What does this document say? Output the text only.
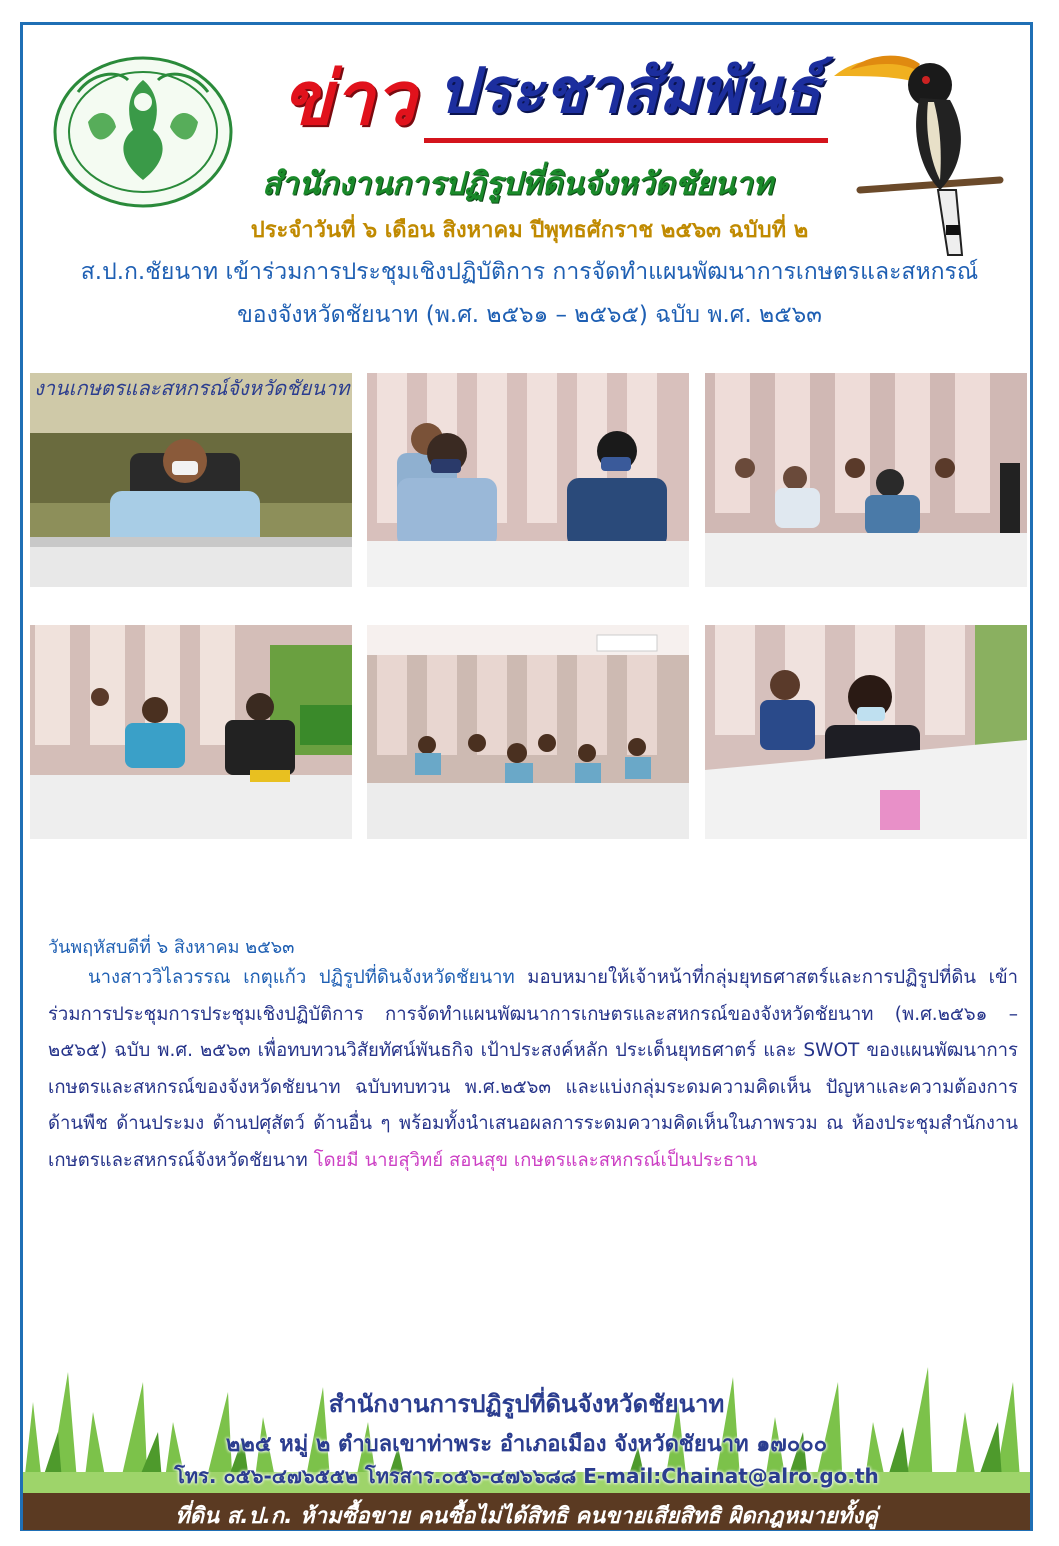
ข่าว ประชาสัมพันธ์
สำนักงานการปฏิรูปที่ดินจังหวัดชัยนาท
ประจำวันที่ ๖ เดือน สิงหาคม ปีพุทธศักราช ๒๕๖๓ ฉบับที่ ๒
ส.ป.ก.ชัยนาท เข้าร่วมการประชุมเชิงปฏิบัติการ การจัดทำแผนพัฒนาการเกษตรและสหกรณ์
ของจังหวัดชัยนาท (พ.ศ. ๒๕๖๑ – ๒๕๖๕) ฉบับ พ.ศ. ๒๕๖๓
งานเกษตรและสหกรณ์จังหวัดชัยนาท
วันพฤหัสบดีที่ ๖ สิงหาคม ๒๕๖๓
นางสาววิไลวรรณ เกตุแก้ว ปฏิรูปที่ดินจังหวัดชัยนาท มอบหมายให้เจ้าหน้าที่กลุ่มยุทธศาสตร์และการปฏิรูปที่ดิน เข้าร่วมการประชุมการประชุมเชิงปฏิบัติการ การจัดทำแผนพัฒนาการเกษตรและสหกรณ์ของจังหวัดชัยนาท (พ.ศ.๒๕๖๑ – ๒๕๖๕) ฉบับ พ.ศ. ๒๕๖๓ เพื่อทบทวนวิสัยทัศน์พันธกิจ เป้าประสงค์หลัก ประเด็นยุทธศาตร์ และ SWOT ของแผนพัฒนาการเกษตรและสหกรณ์ของจังหวัดชัยนาท ฉบับทบทวน พ.ศ.๒๕๖๓ และแบ่งกลุ่มระดมความคิดเห็น ปัญหาและความต้องการ ด้านพืช ด้านประมง ด้านปศุสัตว์ ด้านอื่น ๆ พร้อมทั้งนำเสนอผลการระดมความคิดเห็นในภาพรวม ณ ห้องประชุมสำนักงานเกษตรและสหกรณ์จังหวัดชัยนาท โดยมี นายสุวิทย์ สอนสุข เกษตรและสหกรณ์เป็นประธาน
สำนักงานการปฏิรูปที่ดินจังหวัดชัยนาท
๒๒๕ หมู่ ๒ ตำบลเขาท่าพระ อำเภอเมือง จังหวัดชัยนาท ๑๗๐๐๐
โทร. ๐๕๖-๔๗๖๕๕๒ โทรสาร.๐๕๖-๔๗๖๖๘๘ E-mail:Chainat@alro.go.th
ที่ดิน ส.ป.ก. ห้ามซื้อขาย คนซื้อไม่ได้สิทธิ คนขายเสียสิทธิ ผิดกฎหมายทั้งคู่
